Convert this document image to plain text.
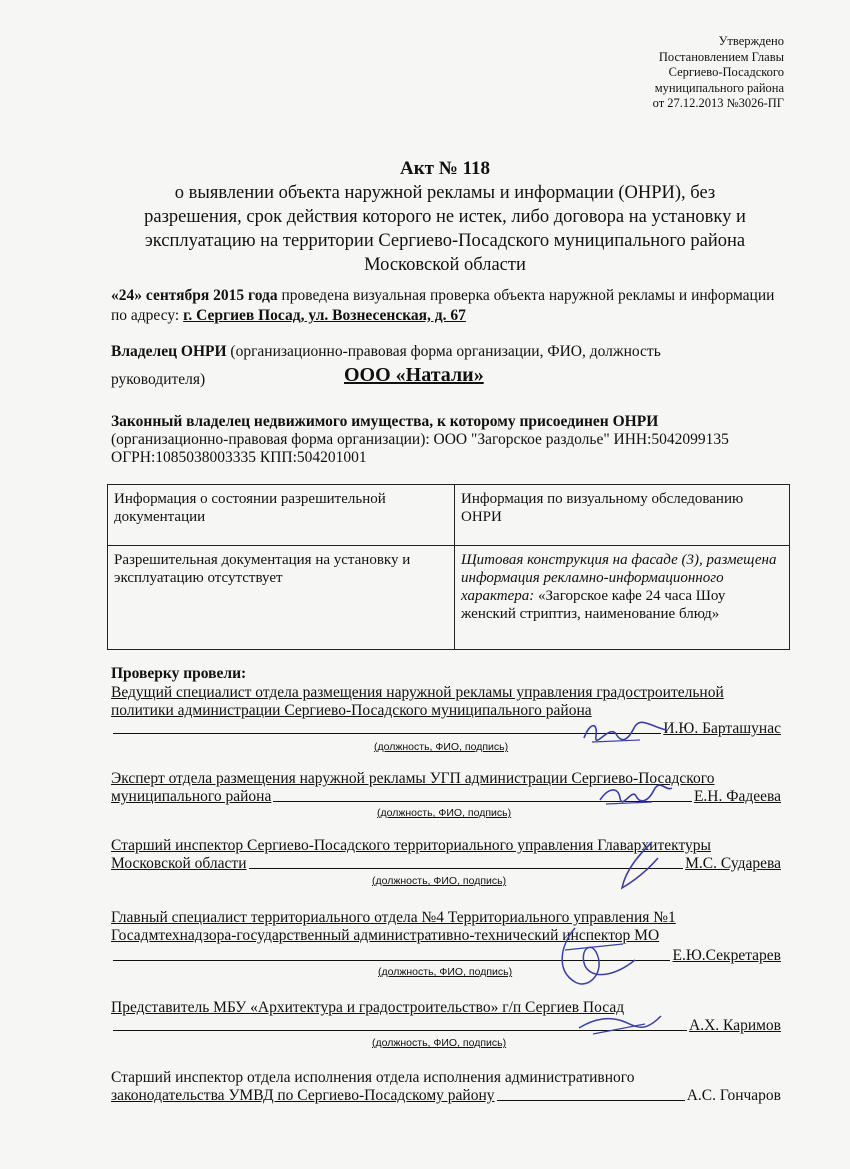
Утверждено
Постановлением Главы
Сергиево-Посадского
муниципального района
от 27.12.2013 №3026-ПГ
Акт № 118
о выявлении объекта наружной рекламы и информации (ОНРИ), без
разрешения, срок действия которого не истек, либо договора на установку и
эксплуатацию на территории Сергиево-Посадского муниципального района
Московской области
«24» сентября 2015 года проведена визуальная проверка объекта наружной рекламы и информации по адресу: г. Сергиев Посад, ул. Вознесенская, д. 67
Владелец ОНРИ (организационно-правовая форма организации, ФИО, должность
руководителя)	ООО «Натали»
Законный владелец недвижимого имущества, к которому присоединен ОНРИ
(организационно-правовая форма организации): ООО "Загорское раздолье" ИНН:5042099135 ОГРН:1085038003335 КПП:504201001
Информация о состоянии разрешительной документации	Информация по визуальному обследованию ОНРИ
Разрешительная документация на установку и эксплуатацию отсутствует	Щитовая конструкция на фасаде (3), размещена информация рекламно-информационного характера: «Загорское кафе 24 часа Шоу женский стриптиз, наименование блюд»
Проверку провели:
Ведущий специалист отдела размещения наружной рекламы управления градостроительной
политики администрации Сергиево-Посадского муниципального района
И.Ю. Барташунас
(должность, ФИО, подпись)
Эксперт отдела размещения наружной рекламы УГП администрации Сергиево-Посадского
муниципального района	Е.Н. Фадеева
(должность, ФИО, подпись)
Старший инспектор Сергиево-Посадского территориального управления Главархитектуры
Московской области	М.С. Сударева
(должность, ФИО, подпись)
Главный специалист территориального отдела №4 Территориального управления №1
Госадмтехнадзора-государственный административно-технический инспектор МО
Е.Ю.Секретарев
(должность, ФИО, подпись)
Представитель МБУ «Архитектура и градостроительство» г/п Сергиев Посад
А.Х. Каримов
(должность, ФИО, подпись)
Старший инспектор отдела исполнения отдела исполнения административного
законодательства УМВД по Сергиево-Посадскому району	А.С. Гончаров
